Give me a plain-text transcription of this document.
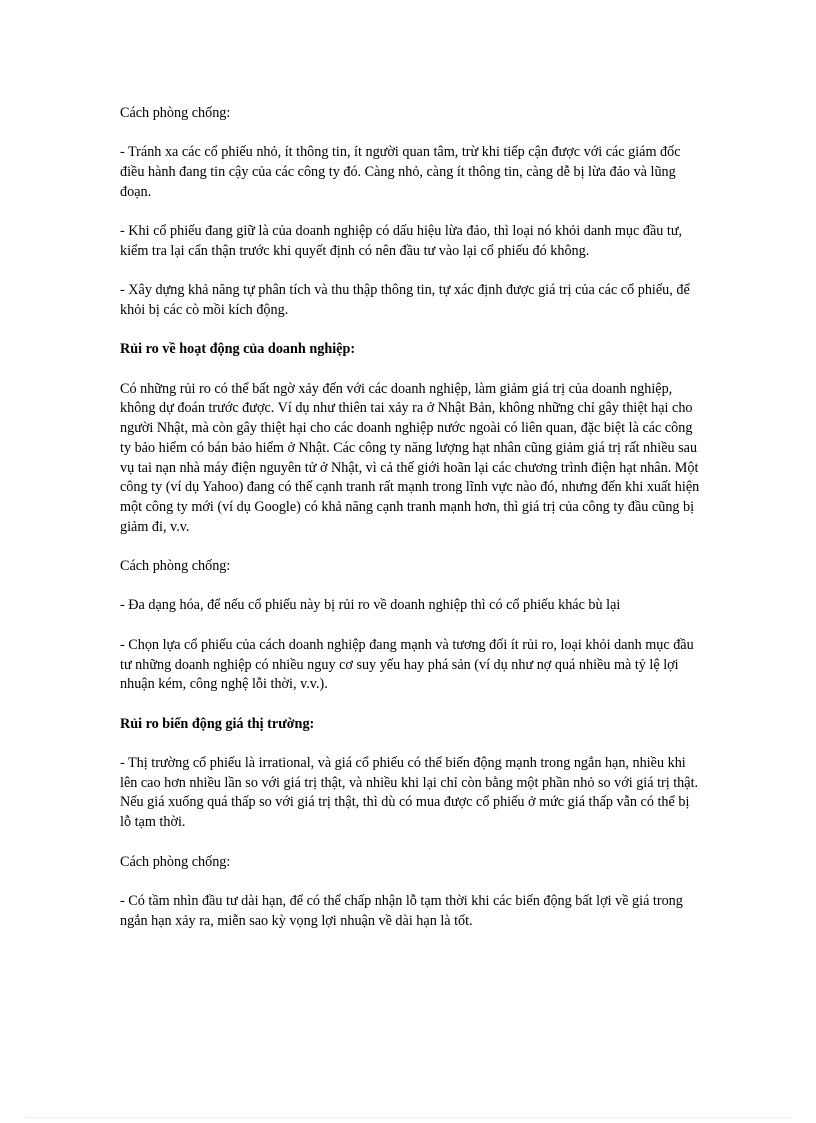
Cách phòng chống:

- Tránh xa các cổ phiếu nhỏ, ít thông tin, ít người quan tâm, trừ khi tiếp cận được với các giám đốc điều hành đang tin cậy của các công ty đó. Càng nhỏ, càng ít thông tin, càng dễ bị lừa đảo và lũng đoạn.

- Khi cổ phiếu đang giữ là của doanh nghiệp có dấu hiệu lừa đảo, thì loại nó khỏi danh mục đầu tư, kiểm tra lại cẩn thận trước khi quyết định có nên đầu tư vào lại cổ phiếu đó không.

- Xây dựng khả năng tự phân tích và thu thập thông tin, tự xác định được giá trị của các cổ phiếu, để khỏi bị các cò mồi kích động.

Rủi ro về hoạt động của doanh nghiệp:

Có những rủi ro có thể bất ngờ xảy đến với các doanh nghiệp, làm giảm giá trị của doanh nghiệp, không dự đoán trước được. Ví dụ như thiên tai xảy ra ở Nhật Bản, không những chỉ gây thiệt hại cho người Nhật, mà còn gây thiệt hại cho các doanh nghiệp nước ngoài có liên quan, đặc biệt là các công ty bảo hiểm có bán bảo hiểm ở Nhật. Các công ty năng lượng hạt nhân cũng giảm giá trị rất nhiều sau vụ tai nạn nhà máy điện nguyên tử ở Nhật, vì cả thế giới hoãn lại các chương trình điện hạt nhân. Một công ty (ví dụ Yahoo) đang có thế cạnh tranh rất mạnh trong lĩnh vực nào đó, nhưng đến khi xuất hiện một công ty mới (ví dụ Google) có khả năng cạnh tranh mạnh hơn, thì giá trị của công ty đầu cũng bị giảm đi, v.v.

Cách phòng chống:

- Đa dạng hóa, để nếu cổ phiếu này bị rủi ro về doanh nghiệp thì có cổ phiếu khác bù lại

- Chọn lựa cổ phiếu của cách doanh nghiệp đang mạnh và tương đối ít rủi ro, loại khỏi danh mục đầu tư những doanh nghiệp có nhiều nguy cơ suy yếu hay phá sản (ví dụ như nợ quá nhiều mà tỷ lệ lợi nhuận kém, công nghệ lỗi thời, v.v.).

Rủi ro biến động giá thị trường:

- Thị trường cổ phiếu là irrational, và giá cổ phiếu có thể biến động mạnh trong ngắn hạn, nhiều khi lên cao hơn nhiều lần so với giá trị thật, và nhiều khi lại chỉ còn bằng một phần nhỏ so với giá trị thật. Nếu giá xuống quá thấp so với giá trị thật, thì dù có mua được cổ phiếu ở mức giá thấp vẫn có thể bị lỗ tạm thời.

Cách phòng chống:

- Có tầm nhìn đầu tư dài hạn, để có thể chấp nhận lỗ tạm thời khi các biến động bất lợi về giá trong ngắn hạn xảy ra, miễn sao kỳ vọng lợi nhuận về dài hạn là tốt.
